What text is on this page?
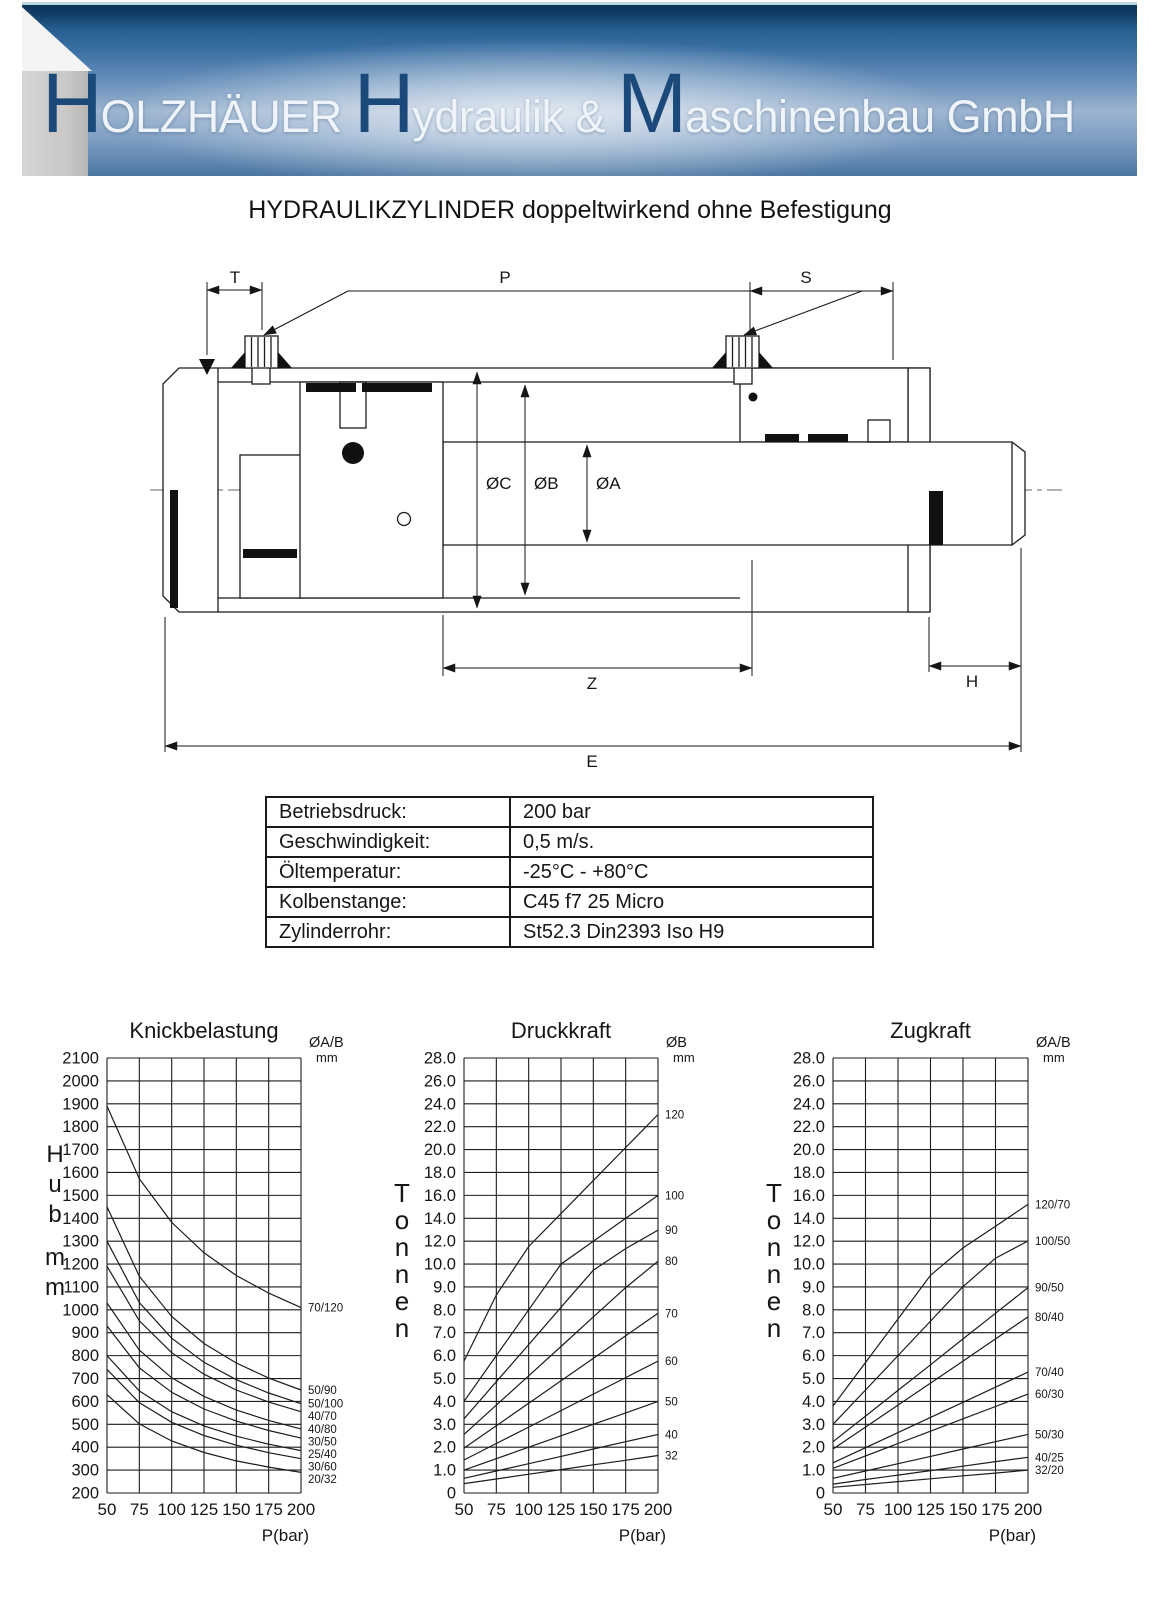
HOLZHÄUER Hydraulik & Maschinenbau GmbH
HYDRAULIKZYLINDER doppeltwirkend ohne Befestigung
T	P	S
ØC ØB ØA
Z	H
E
Betriebsdruck:	200 bar
Geschwindigkeit:	0,5 m/s.
Öltemperatur:	-25°C - +80°C
Kolbenstange:	C45 f7 25 Micro
Zylinderrohr:	St52.3 Din2393 Iso H9
Knickbelastung ØA/B
mm
2100
2000
1900
1800
1700
1600
1500
1400
1300
1200
1100
1000
900
800
700
600
500
400
300
200
50 75 100 125 150 175 200
P(bar)
H
u
b
m
m
70/120
50/90
50/100
40/70
40/80
30/50
25/40
30/60
20/32
Druckkraft	ØB
mm
28.0
26.0
24.0
22.0
20.0
18.0
16.0
14.0
12.0
10.0
9.0
8.0
7.0
6.0
5.0
4.0
3.0
2.0
1.0
0
50 75 100 125 150 175 200
P(bar)
T
o
n
n
e
n
120
100
90
80
70
60
50
40
32
Zugkraft	ØA/B
mm
28.0
26.0
24.0
22.0
20.0
18.0
16.0
14.0
12.0
10.0
9.0
8.0
7.0
6.0
5.0
4.0
3.0
2.0
1.0
0
50 75 100 125 150 175 200
P(bar)
T
o
n
n
e
n
120/70
100/50
90/50
80/40
70/40
60/30
50/30
40/25
32/20
